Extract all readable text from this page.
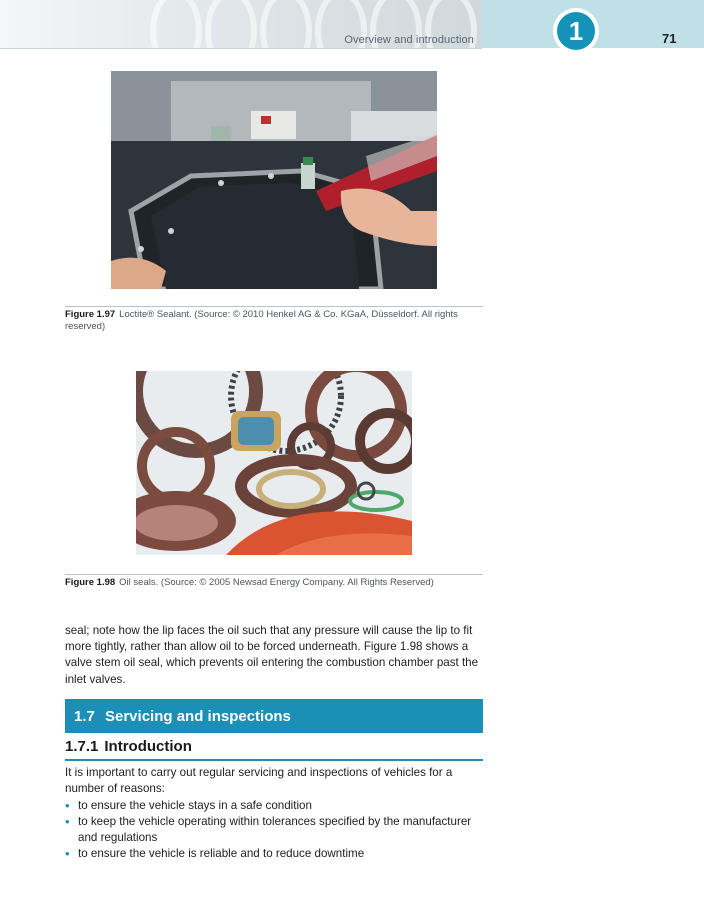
Overview and introduction	1	71
Figure 1.97 Loctite® Sealant. (Source: © 2010 Henkel AG & Co. KGaA, Düsseldorf. All rights reserved)
Figure 1.98 Oil seals. (Source: © 2005 Newsad Energy Company. All Rights Reserved)

seal; note how the lip faces the oil such that any pressure will cause the lip to fit more tightly, rather than allow oil to be forced underneath. Figure 1.98 shows a valve stem oil seal, which prevents oil entering the combustion chamber past the inlet valves.

1.7 Servicing and inspections
1.7.1 Introduction

It is important to carry out regular servicing and inspections of vehicles for a number of reasons:

• to ensure the vehicle stays in a safe condition
• to keep the vehicle operating within tolerances specified by the manufacturer and regulations
• to ensure the vehicle is reliable and to reduce downtime
